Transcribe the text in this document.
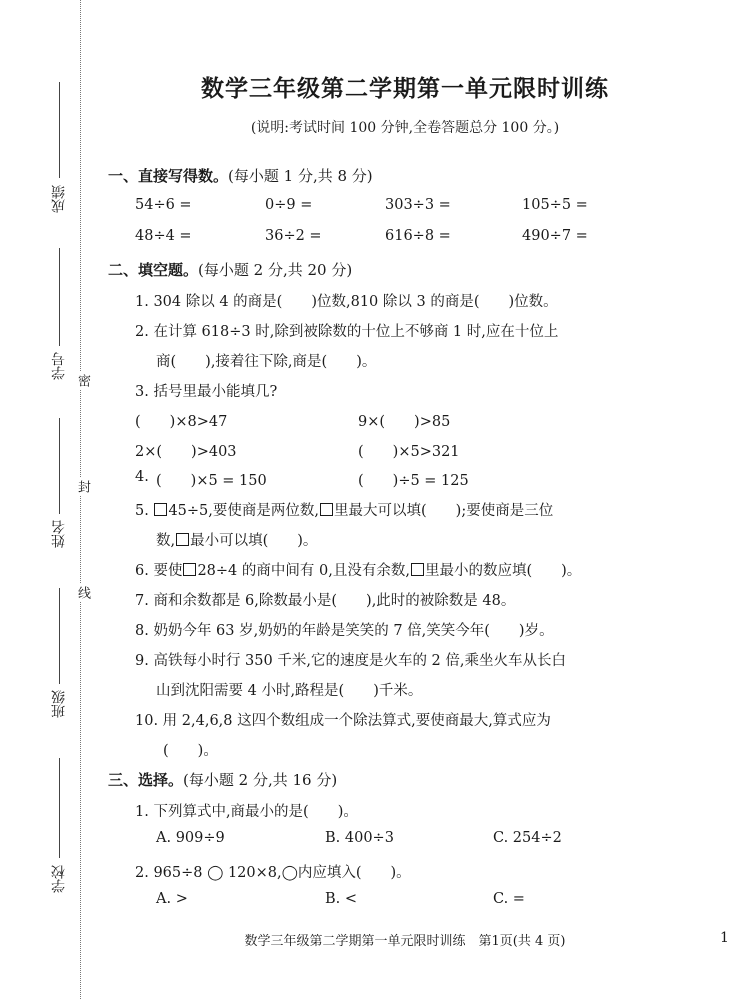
成绩
学号
姓名
班级
学校
密
封
线
数学三年级第二学期第一单元限时训练
(说明:考试时间 100 分钟,全卷答题总分 100 分。)
一、直接写得数。(每小题 1 分,共 8 分)
54÷6 =	0÷9 =	303÷3 =	105÷5 =
48÷4 =	36÷2 =	616÷8 =	490÷7 =
二、填空题。(每小题 2 分,共 20 分)
1. 304 除以 4 的商是(　　)位数,810 除以 3 的商是(　　)位数。
2. 在计算 618÷3 时,除到被除数的十位上不够商 1 时,应在十位上
商(　　),接着往下除,商是(　　)。
3. 括号里最小能填几?
(　　)×8>47	9×(　　)>85
2×(　　)>403	(　　)×5>321
4. (　　)×5 = 150	(　　)÷5 = 125
5. 45÷5,要使商是两位数, 里最大可以填(　　);要使商是三位
数, 最小可以填(　　)。
6. 要使 28÷4 的商中间有 0,且没有余数, 里最小的数应填(　　)。
7. 商和余数都是 6,除数最小是(　　),此时的被除数是 48。
8. 奶奶今年 63 岁,奶奶的年龄是笑笑的 7 倍,笑笑今年(　　)岁。
9. 高铁每小时行 350 千米,它的速度是火车的 2 倍,乘坐火车从长白
山到沈阳需要 4 小时,路程是(　　)千米。
10. 用 2,4,6,8 这四个数组成一个除法算式,要使商最大,算式应为
(　　)。
三、选择。(每小题 2 分,共 16 分)
1. 下列算式中,商最小的是(　　)。
A. 909÷9	B. 400÷3	C. 254÷2
2. 965÷8 ◯ 120×8,◯内应填入(　　)。
A. >	B. <	C. =
数学三年级第二学期第一单元限时训练　第1页(共 4 页)	1
